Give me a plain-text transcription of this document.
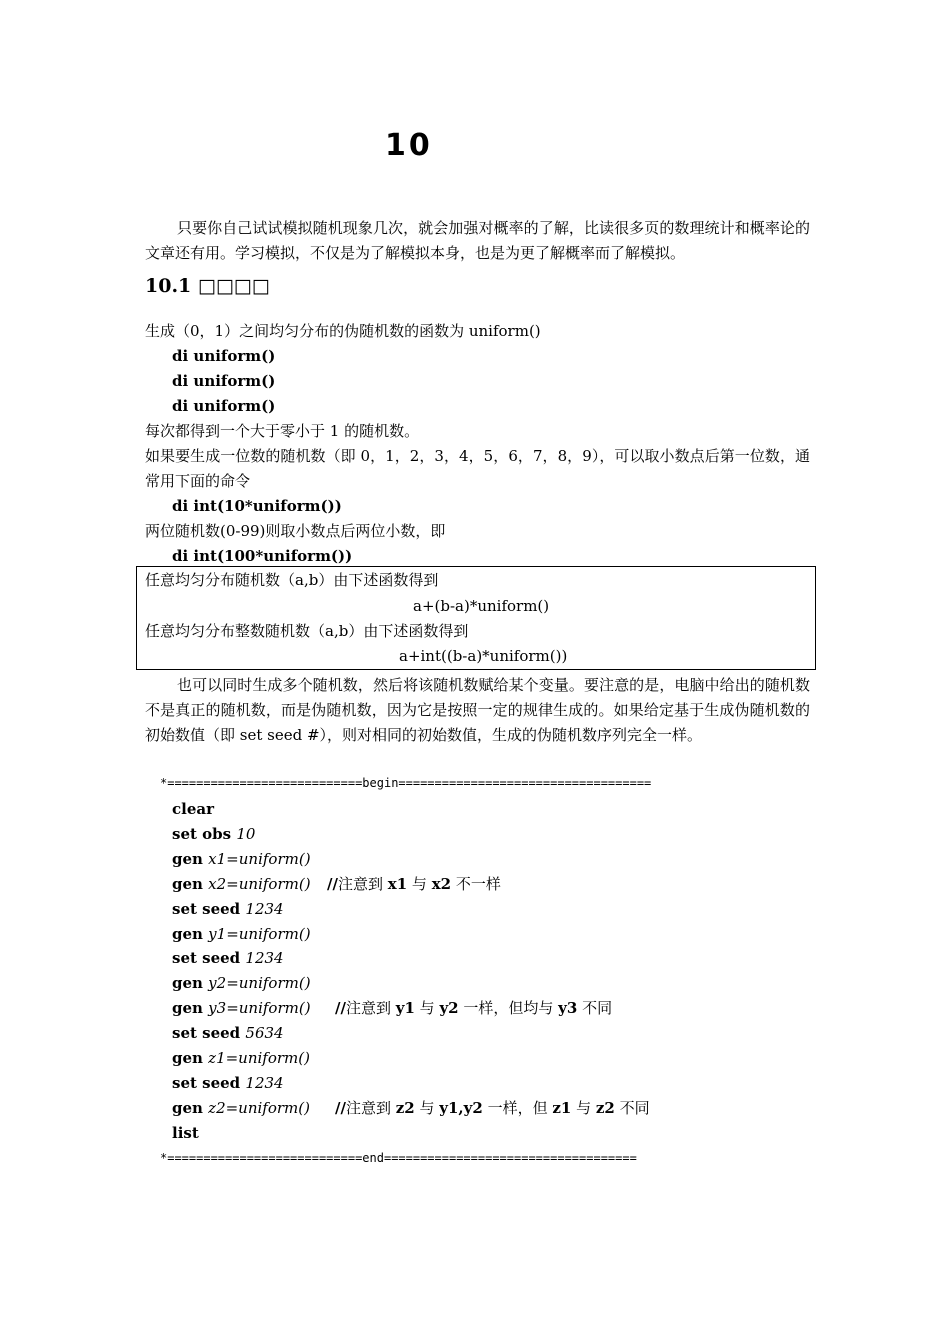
10

只要你自己试试模拟随机现象几次，就会加强对概率的了解，比读很多页的数理统计和概率论的文章还有用。学习模拟，不仅是为了解模拟本身，也是为更了解概率而了解模拟。

10.1 □□□□
生成（0，1）之间均匀分布的伪随机数的函数为 uniform()
di uniform()
di uniform()
di uniform()
每次都得到一个大于零小于 1 的随机数。

如果要生成一位数的随机数（即 0，1，2，3，4，5，6，7，8，9），可以取小数点后第一位数，通常用下面的命令

di int(10*uniform())
两位随机数(0-99)则取小数点后两位小数，即
di int(100*uniform())
任意均匀分布随机数（a,b）由下述函数得到
a+(b-a)*uniform()
任意均匀分布整数随机数（a,b）由下述函数得到
a+int((b-a)*uniform())

也可以同时生成多个随机数，然后将该随机数赋给某个变量。要注意的是，电脑中给出的随机数不是真正的随机数，而是伪随机数，因为它是按照一定的规律生成的。如果给定基于生成伪随机数的初始数值（即 set seed #），则对相同的初始数值，生成的伪随机数序列完全一样。

*===========================begin===================================
clear
set obs 10
gen x1=uniform()
gen x2=uniform() //注意到 x1 与 x2 不一样
set seed 1234
gen y1=uniform()
set seed 1234
gen y2=uniform()
gen y3=uniform() //注意到 y1 与 y2 一样，但均与 y3 不同
set seed 5634
gen z1=uniform()
set seed 1234
gen z2=uniform() //注意到 z2 与 y1,y2 一样，但 z1 与 z2 不同
list
*===========================end===================================
